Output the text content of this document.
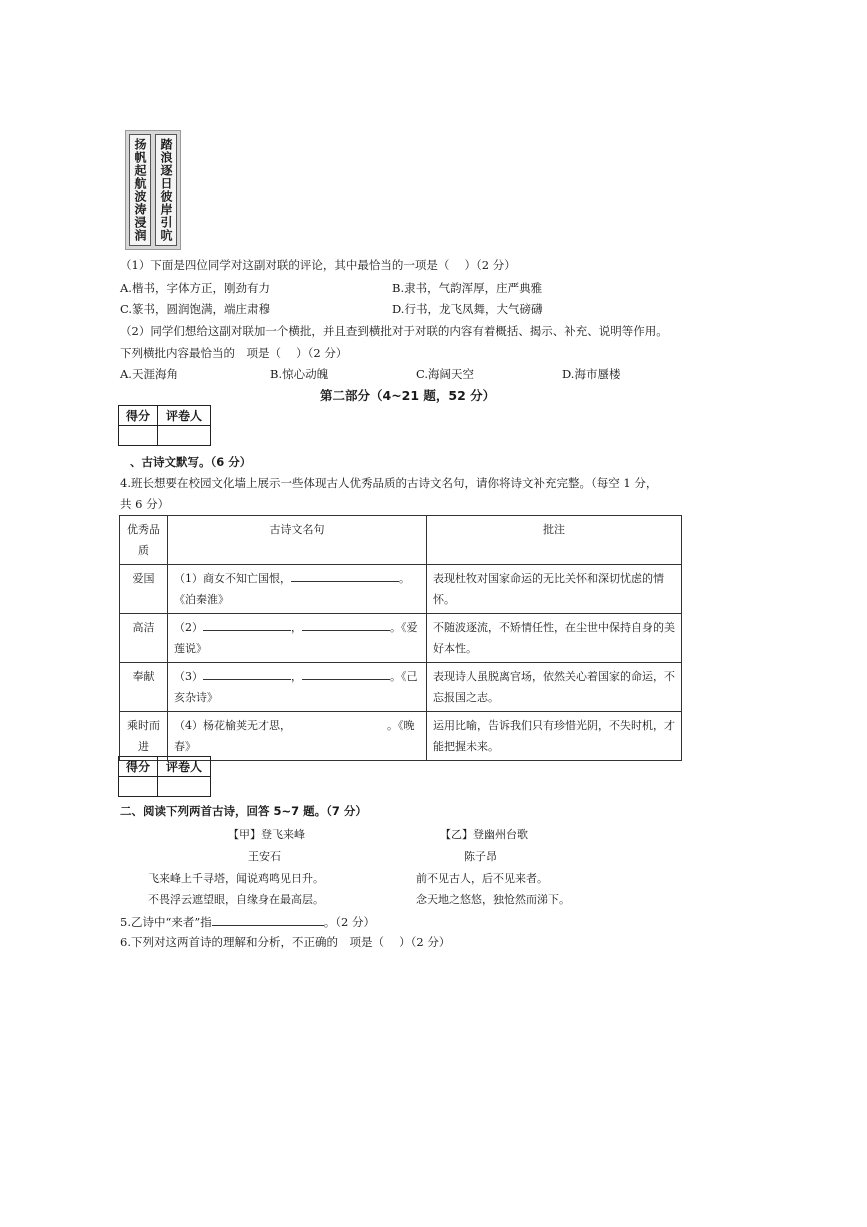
扬帆起航波涛浸润
踏浪逐日彼岸引吭
（1）下面是四位同学对这副对联的评论，其中最恰当的一项是（　 ）（2 分）
A.楷书，字体方正，刚劲有力	B.隶书，气韵浑厚，庄严典雅
C.篆书，圆润饱满，端庄肃穆	D.行书，龙飞凤舞，大气磅礴
（2）同学们想给这副对联加一个横批，并且查到横批对于对联的内容有着概括、揭示、补充、说明等作用。
下列横批内容最恰当的　项是（　 ）（2 分）
A.天涯海角	B.惊心动魄	C.海阔天空	D.海市蜃楼
第二部分（4~21 题，52 分）
得分	评卷人

、古诗文默写。（6 分）
4.班长想要在校园文化墙上展示一些体现古人优秀品质的古诗文名句，请你将诗文补充完整。（每空 1 分，
共 6 分）
优秀品质	古诗文名句	批注
爱国	（1）商女不知亡国恨， 。《泊秦淮》	表现杜牧对国家命运的无比关怀和深切忧虑的情怀。
高洁	（2） ， 。《爱莲说》	不随波逐流，不矫情任性，在尘世中保持自身的美好本性。
奉献	（3） ， 。《己亥杂诗》	表现诗人虽脱离官场，依然关心着国家的命运，不忘报国之志。
乘时而进	（4）杨花榆荚无才思， 。《晚春》	运用比喻，告诉我们只有珍惜光阴，不失时机，才能把握未来。
得分	评卷人

二、阅读下列两首古诗，回答 5~7 题。（7 分）
【甲】登飞来峰
王安石
飞来峰上千寻塔，闻说鸡鸣见日升。
不畏浮云遮望眼，自缘身在最高层。
【乙】登幽州台歌
陈子昂
前不见古人，后不见来者。
念天地之悠悠，独怆然而涕下。
5.乙诗中“来者”指	。（2 分）
6.下列对这两首诗的理解和分析，不正确的　项是（　 ）（2 分）
